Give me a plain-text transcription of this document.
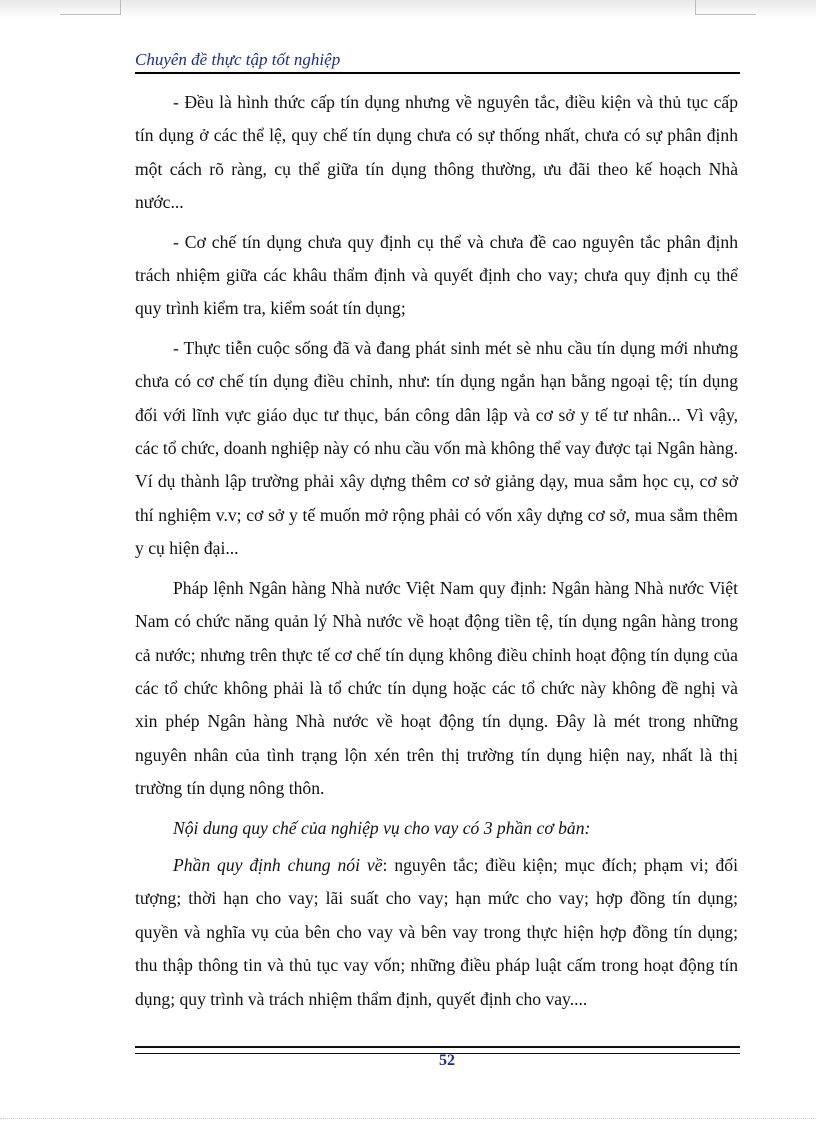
Chuyên đề thực tập tốt nghiệp

- Đều là hình thức cấp tín dụng nhưng về nguyên tắc, điều kiện và thủ tục cấp tín dụng ở các thể lệ, quy chế tín dụng chưa có sự thống nhất, chưa có sự phân định một cách rõ ràng, cụ thể giữa tín dụng thông thường, ưu đãi theo kế hoạch Nhà nước...

- Cơ chế tín dụng chưa quy định cụ thể và chưa đề cao nguyên tắc phân định trách nhiệm giữa các khâu thẩm định và quyết định cho vay; chưa quy định cụ thể quy trình kiểm tra, kiểm soát tín dụng;

- Thực tiễn cuộc sống đã và đang phát sinh mét sè nhu cầu tín dụng mới nhưng chưa có cơ chế tín dụng điều chỉnh, như: tín dụng ngắn hạn bằng ngoại tệ; tín dụng đối với lĩnh vực giáo dục tư thục, bán công dân lập và cơ sở y tế tư nhân... Vì vậy, các tổ chức, doanh nghiệp này có nhu cầu vốn mà không thể vay được tại Ngân hàng. Ví dụ thành lập trường phải xây dựng thêm cơ sở giảng dạy, mua sắm học cụ, cơ sở thí nghiệm v.v; cơ sở y tế muốn mở rộng phải có vốn xây dựng cơ sở, mua sắm thêm y cụ hiện đại...

Pháp lệnh Ngân hàng Nhà nước Việt Nam quy định: Ngân hàng Nhà nước Việt Nam có chức năng quản lý Nhà nước về hoạt động tiền tệ, tín dụng ngân hàng trong cả nước; nhưng trên thực tế cơ chế tín dụng không điều chỉnh hoạt động tín dụng của các tổ chức không phải là tổ chức tín dụng hoặc các tổ chức này không đề nghị và xin phép Ngân hàng Nhà nước về hoạt động tín dụng. Đây là mét trong những nguyên nhân của tình trạng lộn xén trên thị trường tín dụng hiện nay, nhất là thị trường tín dụng nông thôn.

Nội dung quy chế của nghiệp vụ cho vay có 3 phần cơ bản:

Phần quy định chung nói về: nguyên tắc; điều kiện; mục đích; phạm vi; đối tượng; thời hạn cho vay; lãi suất cho vay; hạn mức cho vay; hợp đồng tín dụng; quyền và nghĩa vụ của bên cho vay và bên vay trong thực hiện hợp đồng tín dụng; thu thập thông tin và thủ tục vay vốn; những điều pháp luật cấm trong hoạt động tín dụng; quy trình và trách nhiệm thẩm định, quyết định cho vay....

52
